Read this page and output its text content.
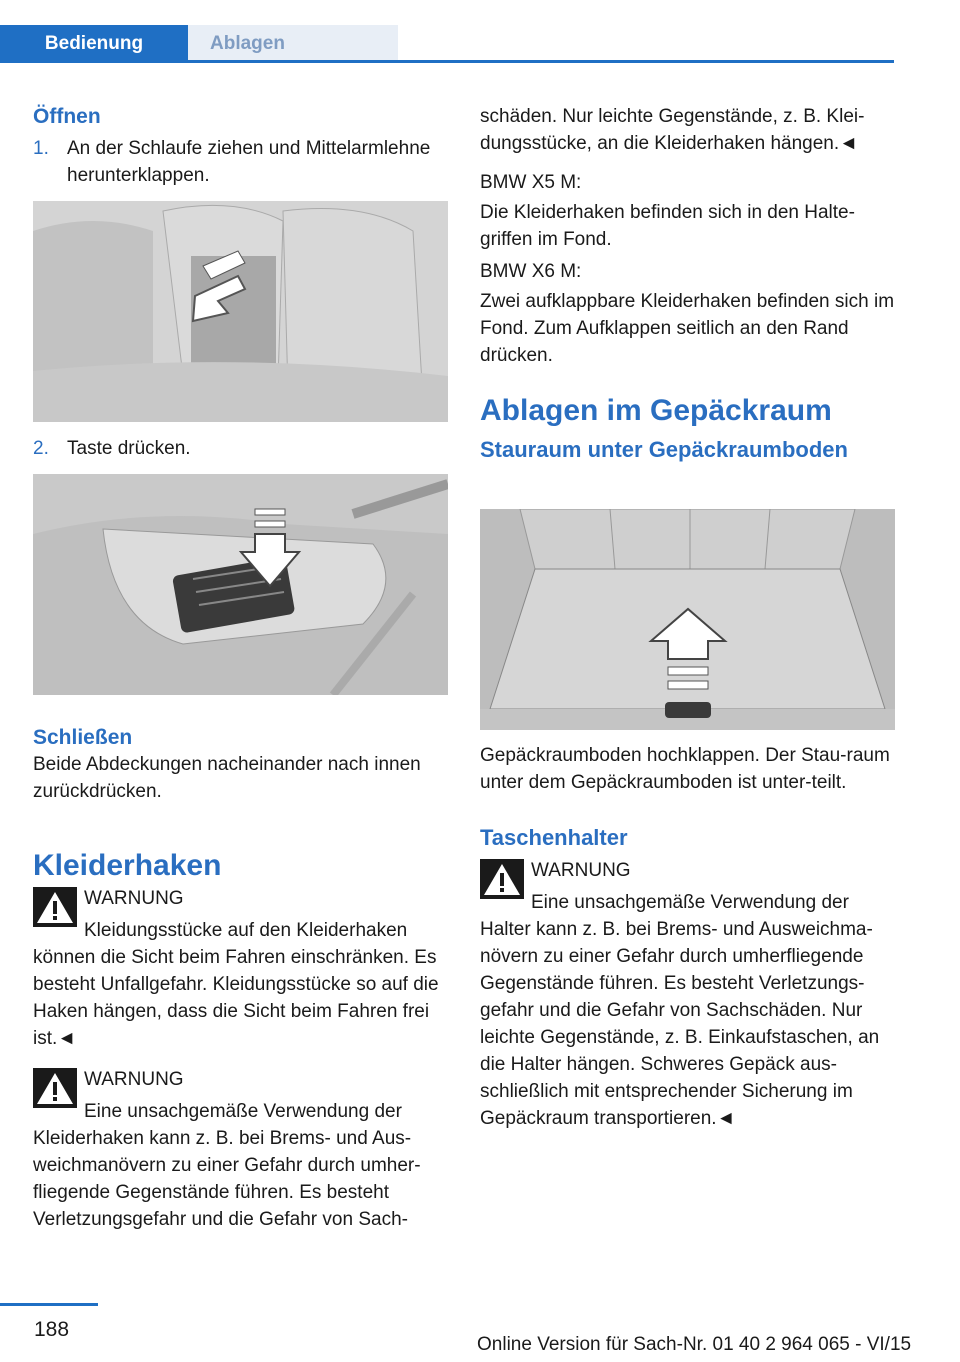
Bedienung	Ablagen
Öffnen
1. An der Schlaufe ziehen und Mittelarmlehne herunterklappen.
2. Taste drücken.
Schließen

Beide Abdeckungen nacheinander nach innen zurückdrücken.

Kleiderhaken
WARNUNG
Kleidungsstücke auf den Kleiderhaken

können die Sicht beim Fahren einschränken. Es besteht Unfallgefahr. Kleidungsstücke so auf die Haken hängen, dass die Sicht beim Fahren frei ist.◄

WARNUNG
Eine unsachgemäße Verwendung der

Kleiderhaken kann z. B. bei Brems- und Aus-weichmanövern zu einer Gefahr durch umher-fliegende Gegenstände führen. Es besteht Verletzungsgefahr und die Gefahr von Sach-

schäden. Nur leichte Gegenstände, z. B. Klei-dungsstücke, an die Kleiderhaken hängen.◄

BMW X5 M:

Die Kleiderhaken befinden sich in den Halte-griffen im Fond.

BMW X6 M:

Zwei aufklappbare Kleiderhaken befinden sich im Fond. Zum Aufklappen seitlich an den Rand drücken.

Ablagen im Gepäckraum
Stauraum unter Gepäckraumboden

Gepäckraumboden hochklappen. Der Stau-raum unter dem Gepäckraumboden ist unter-teilt.

Taschenhalter
WARNUNG
Eine unsachgemäße Verwendung der

Halter kann z. B. bei Brems- und Ausweichma-növern zu einer Gefahr durch umherfliegende Gegenstände führen. Es besteht Verletzungs-gefahr und die Gefahr von Sachschäden. Nur leichte Gegenstände, z. B. Einkaufstaschen, an die Halter hängen. Schweres Gepäck aus-schließlich mit entsprechender Sicherung im Gepäckraum transportieren.◄

188
Online Version für Sach-Nr. 01 40 2 964 065 - VI/15
